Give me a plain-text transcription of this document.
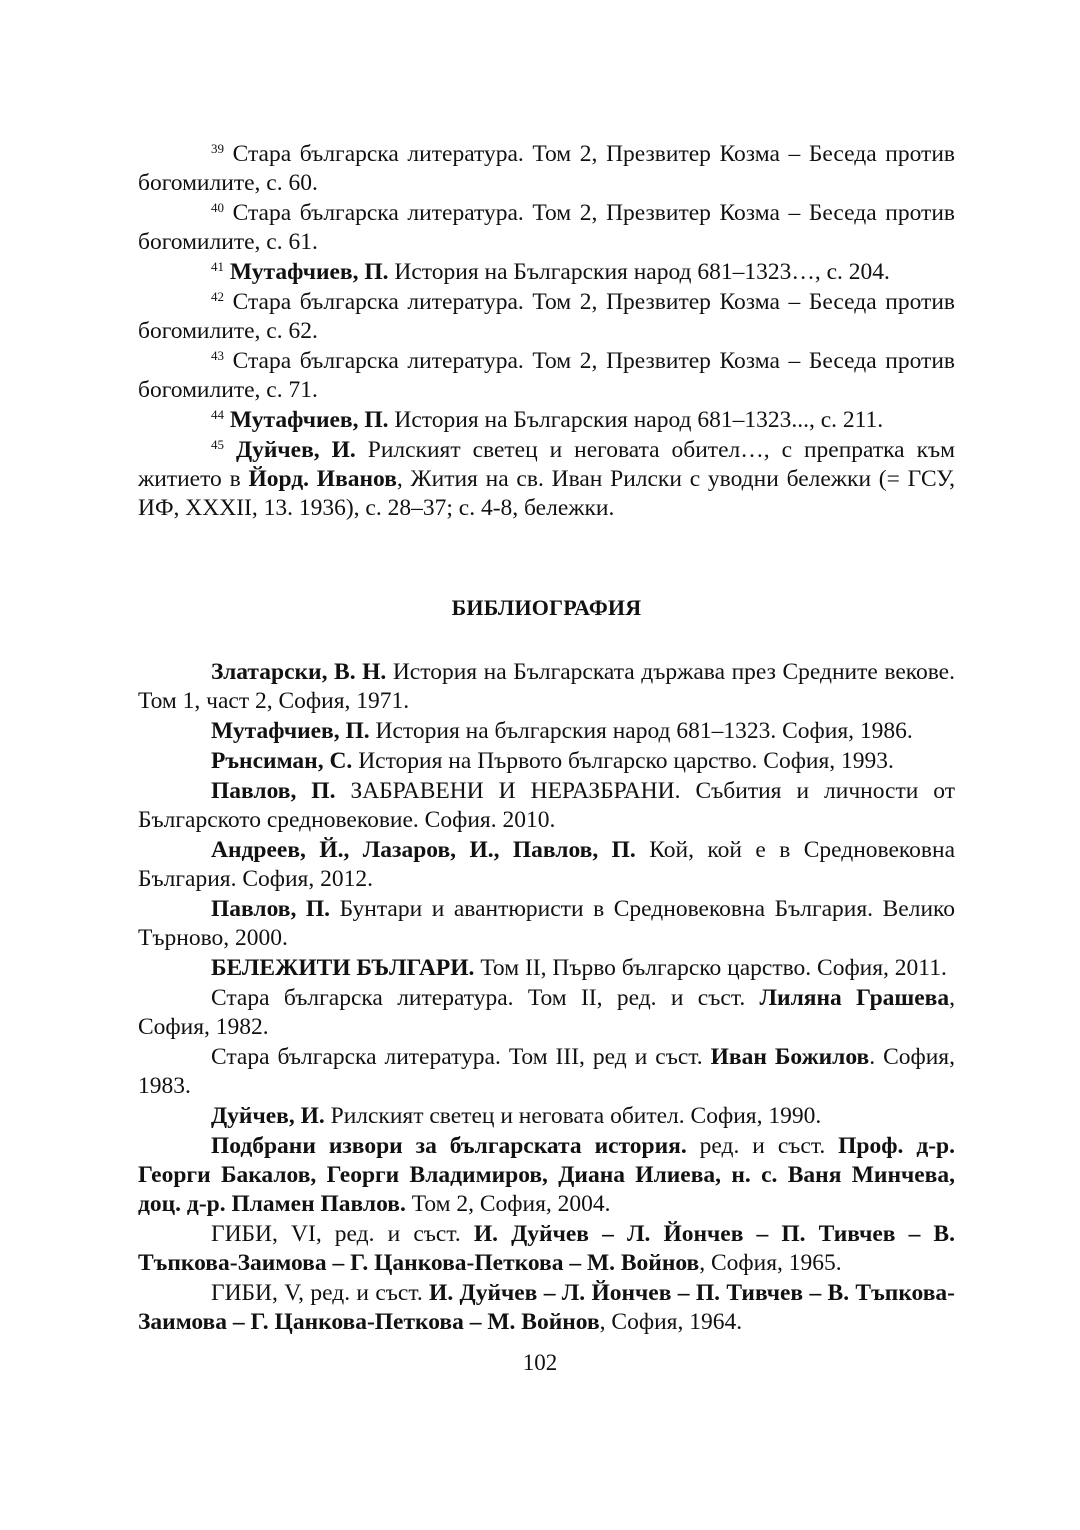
$^{39}$ Стара българска литература. Том 2, Презвитер Козма – Беседа против богомилите, с. 60.

$^{40}$ Стара българска литература. Том 2, Презвитер Козма – Беседа против богомилите, с. 61.

$^{41}$ Мутафчиев, П. История на Българския народ 681–1323…, с. 204.

$^{42}$ Стара българска литература. Том 2, Презвитер Козма – Беседа против богомилите, с. 62.

$^{43}$ Стара българска литература. Том 2, Презвитер Козма – Беседа против богомилите, с. 71.

$^{44}$ Мутафчиев, П. История на Българския народ 681–1323..., с. 211.

$^{45}$ Дуйчев, И. Рилският светец и неговата обител…, с препратка към житието в Йорд. Иванов, Жития на св. Иван Рилски с уводни бележки (= ГСУ, ИФ, XXXII, 13. 1936), с. 28–37; с. 4-8, бележки.

БИБЛИОГРАФИЯ

Златарски, В. Н. История на Българската държава през Средните векове. Том 1, част 2, София, 1971.

Мутафчиев, П. История на българския народ 681–1323. София, 1986.

Рънсиман, С. История на Първото българско царство. София, 1993.

Павлов, П. ЗАБРАВЕНИ И НЕРАЗБРАНИ. Събития и личности от Българското средновековие. София. 2010.

Андреев, Й., Лазаров, И., Павлов, П. Кой, кой е в Средновековна България. София, 2012.

Павлов, П. Бунтари и авантюристи в Средновековна България. Велико Търново, 2000.

БЕЛЕЖИТИ БЪЛГАРИ. Том II, Първо българско царство. София, 2011.

Стара българска литература. Том II, ред. и съст. Лиляна Грашева, София, 1982.

Стара българска литература. Том III, ред и съст. Иван Божилов. София, 1983.

Дуйчев, И. Рилският светец и неговата обител. София, 1990.

Подбрани извори за българската история. ред. и съст. Проф. д-р. Георги Бакалов, Георги Владимиров, Диана Илиева, н. с. Ваня Минчева, доц. д-р. Пламен Павлов. Том 2, София, 2004.

ГИБИ, VI, ред. и съст. И. Дуйчев – Л. Йончев – П. Тивчев – В. Тъпкова-Заимова – Г. Цанкова-Петкова – М. Войнов, София, 1965.

ГИБИ, V, ред. и съст. И. Дуйчев – Л. Йончев – П. Тивчев – В. Тъпкова-Заимова – Г. Цанкова-Петкова – М. Войнов, София, 1964.

102
